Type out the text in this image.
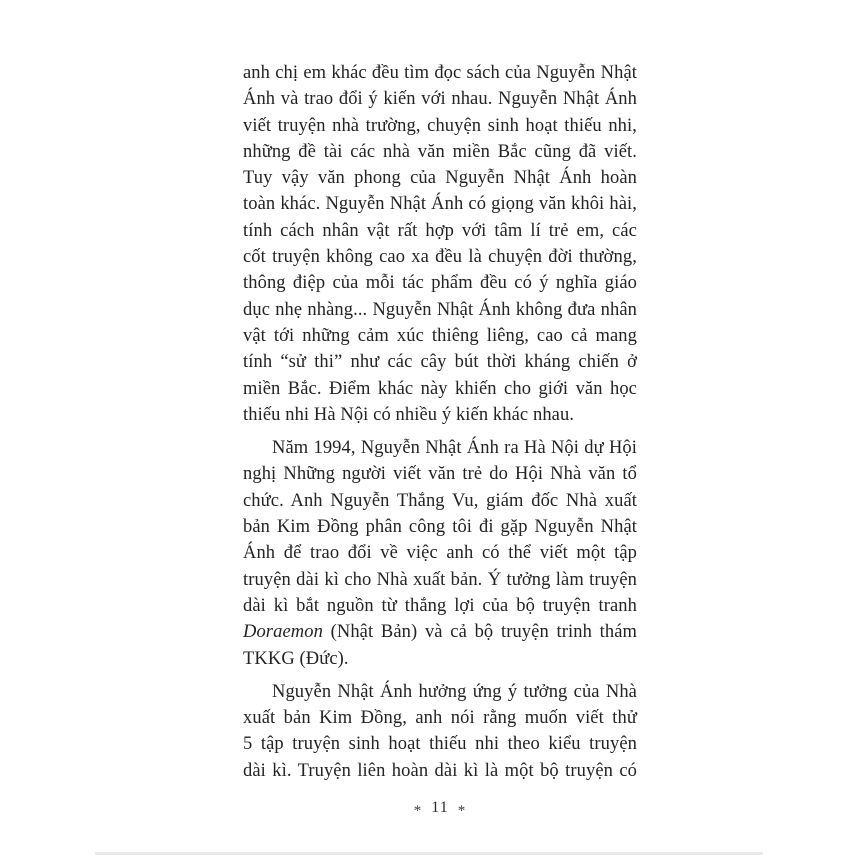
anh chị em khác đều tìm đọc sách của Nguyễn Nhật
Ánh và trao đổi ý kiến với nhau. Nguyễn Nhật Ánh
viết truyện nhà trường, chuyện sinh hoạt thiếu nhi,
những đề tài các nhà văn miền Bắc cũng đã viết.
Tuy vậy văn phong của Nguyễn Nhật Ánh hoàn
toàn khác. Nguyễn Nhật Ánh có giọng văn khôi hài,
tính cách nhân vật rất hợp với tâm lí trẻ em, các
cốt truyện không cao xa đều là chuyện đời thường,
thông điệp của mỗi tác phẩm đều có ý nghĩa giáo
dục nhẹ nhàng... Nguyễn Nhật Ánh không đưa nhân
vật tới những cảm xúc thiêng liêng, cao cả mang
tính “sử thi” như các cây bút thời kháng chiến ở
miền Bắc. Điểm khác này khiến cho giới văn học
thiếu nhi Hà Nội có nhiều ý kiến khác nhau.
Năm 1994, Nguyễn Nhật Ánh ra Hà Nội dự Hội
nghị Những người viết văn trẻ do Hội Nhà văn tổ
chức. Anh Nguyễn Thắng Vu, giám đốc Nhà xuất
bản Kim Đồng phân công tôi đi gặp Nguyễn Nhật
Ánh để trao đổi về việc anh có thể viết một tập
truyện dài kì cho Nhà xuất bản. Ý tưởng làm truyện
dài kì bắt nguồn từ thắng lợi của bộ truyện tranh
Doraemon (Nhật Bản) và cả bộ truyện trinh thám
TKKG (Đức).
Nguyễn Nhật Ánh hưởng ứng ý tưởng của Nhà
xuất bản Kim Đồng, anh nói rằng muốn viết thử
5 tập truyện sinh hoạt thiếu nhi theo kiểu truyện
dài kì. Truyện liên hoàn dài kì là một bộ truyện có
* 11 *
